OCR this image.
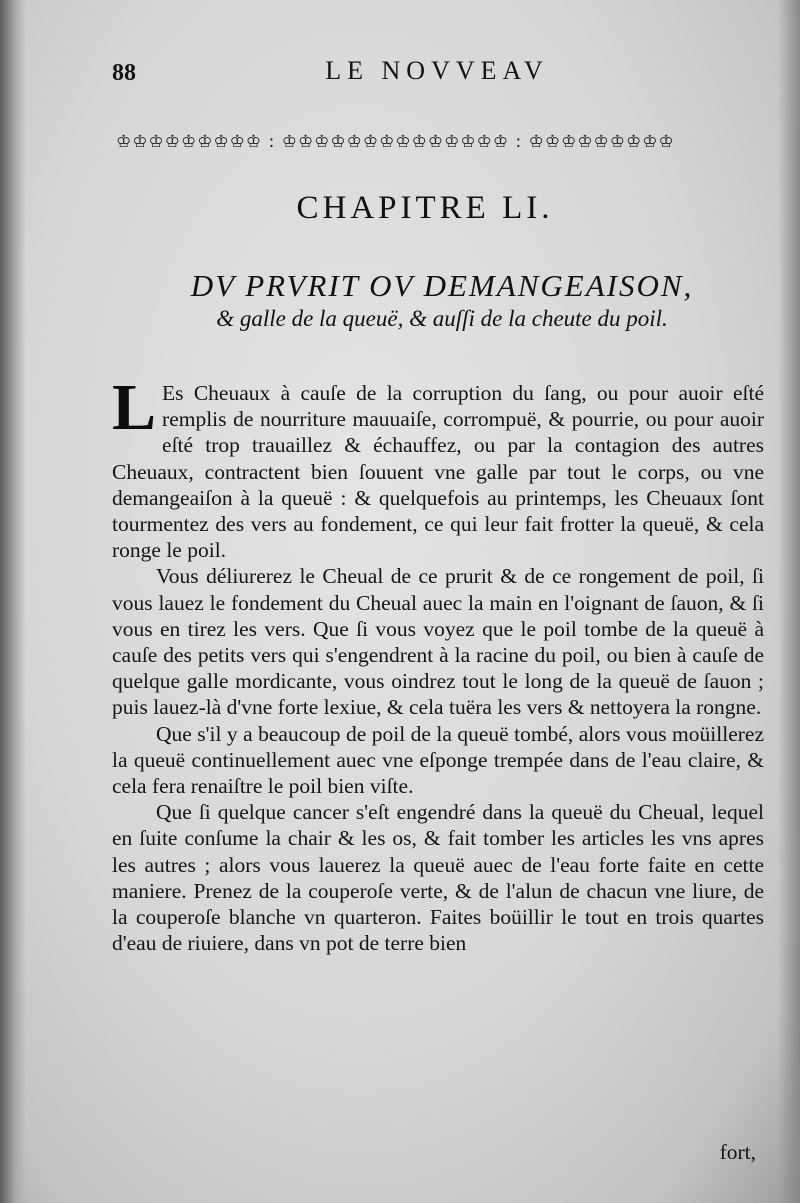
88	LE NOVVEAV
♔♔♔♔♔♔♔♔♔ : ♔♔♔♔♔♔♔♔♔♔♔♔♔♔ : ♔♔♔♔♔♔♔♔♔
CHAPITRE LI.
DV PRVRIT OV DEMANGEAISON,
& galle de la queuë, & auſſi de la cheute du poil.

L Es Cheuaux à cauſe de la corruption du ſang, ou pour auoir eſté remplis de nourriture mauuaiſe, corrompuë, & pourrie, ou pour auoir eſté trop trauaillez & échauffez, ou par la contagion des autres Cheuaux, contractent bien ſouuent vne galle par tout le corps, ou vne demangeaiſon à la queuë : & quelquefois au printemps, les Cheuaux ſont tourmentez des vers au fondement, ce qui leur fait frotter la queuë, & cela ronge le poil.

Vous déliurerez le Cheual de ce prurit & de ce rongement de poil, ſi vous lauez le fondement du Cheual auec la main en l'oignant de ſauon, & ſi vous en tirez les vers. Que ſi vous voyez que le poil tombe de la queuë à cauſe des petits vers qui s'engendrent à la racine du poil, ou bien à cauſe de quelque galle mordicante, vous oindrez tout le long de la queuë de ſauon ; puis lauez-là d'vne forte lexiue, & cela tuëra les vers & nettoyera la rongne.

Que s'il y a beaucoup de poil de la queuë tombé, alors vous moüillerez la queuë continuellement auec vne eſponge trempée dans de l'eau claire, & cela fera renaiſtre le poil bien viſte.

Que ſi quelque cancer s'eſt engendré dans la queuë du Cheual, lequel en ſuite conſume la chair & les os, & fait tomber les articles les vns apres les autres ; alors vous lauerez la queuë auec de l'eau forte faite en cette maniere. Prenez de la couperoſe verte, & de l'alun de chacun vne liure, de la couperoſe blanche vn quarteron. Faites boüillir le tout en trois quartes d'eau de riuiere, dans vn pot de terre bien

fort,
